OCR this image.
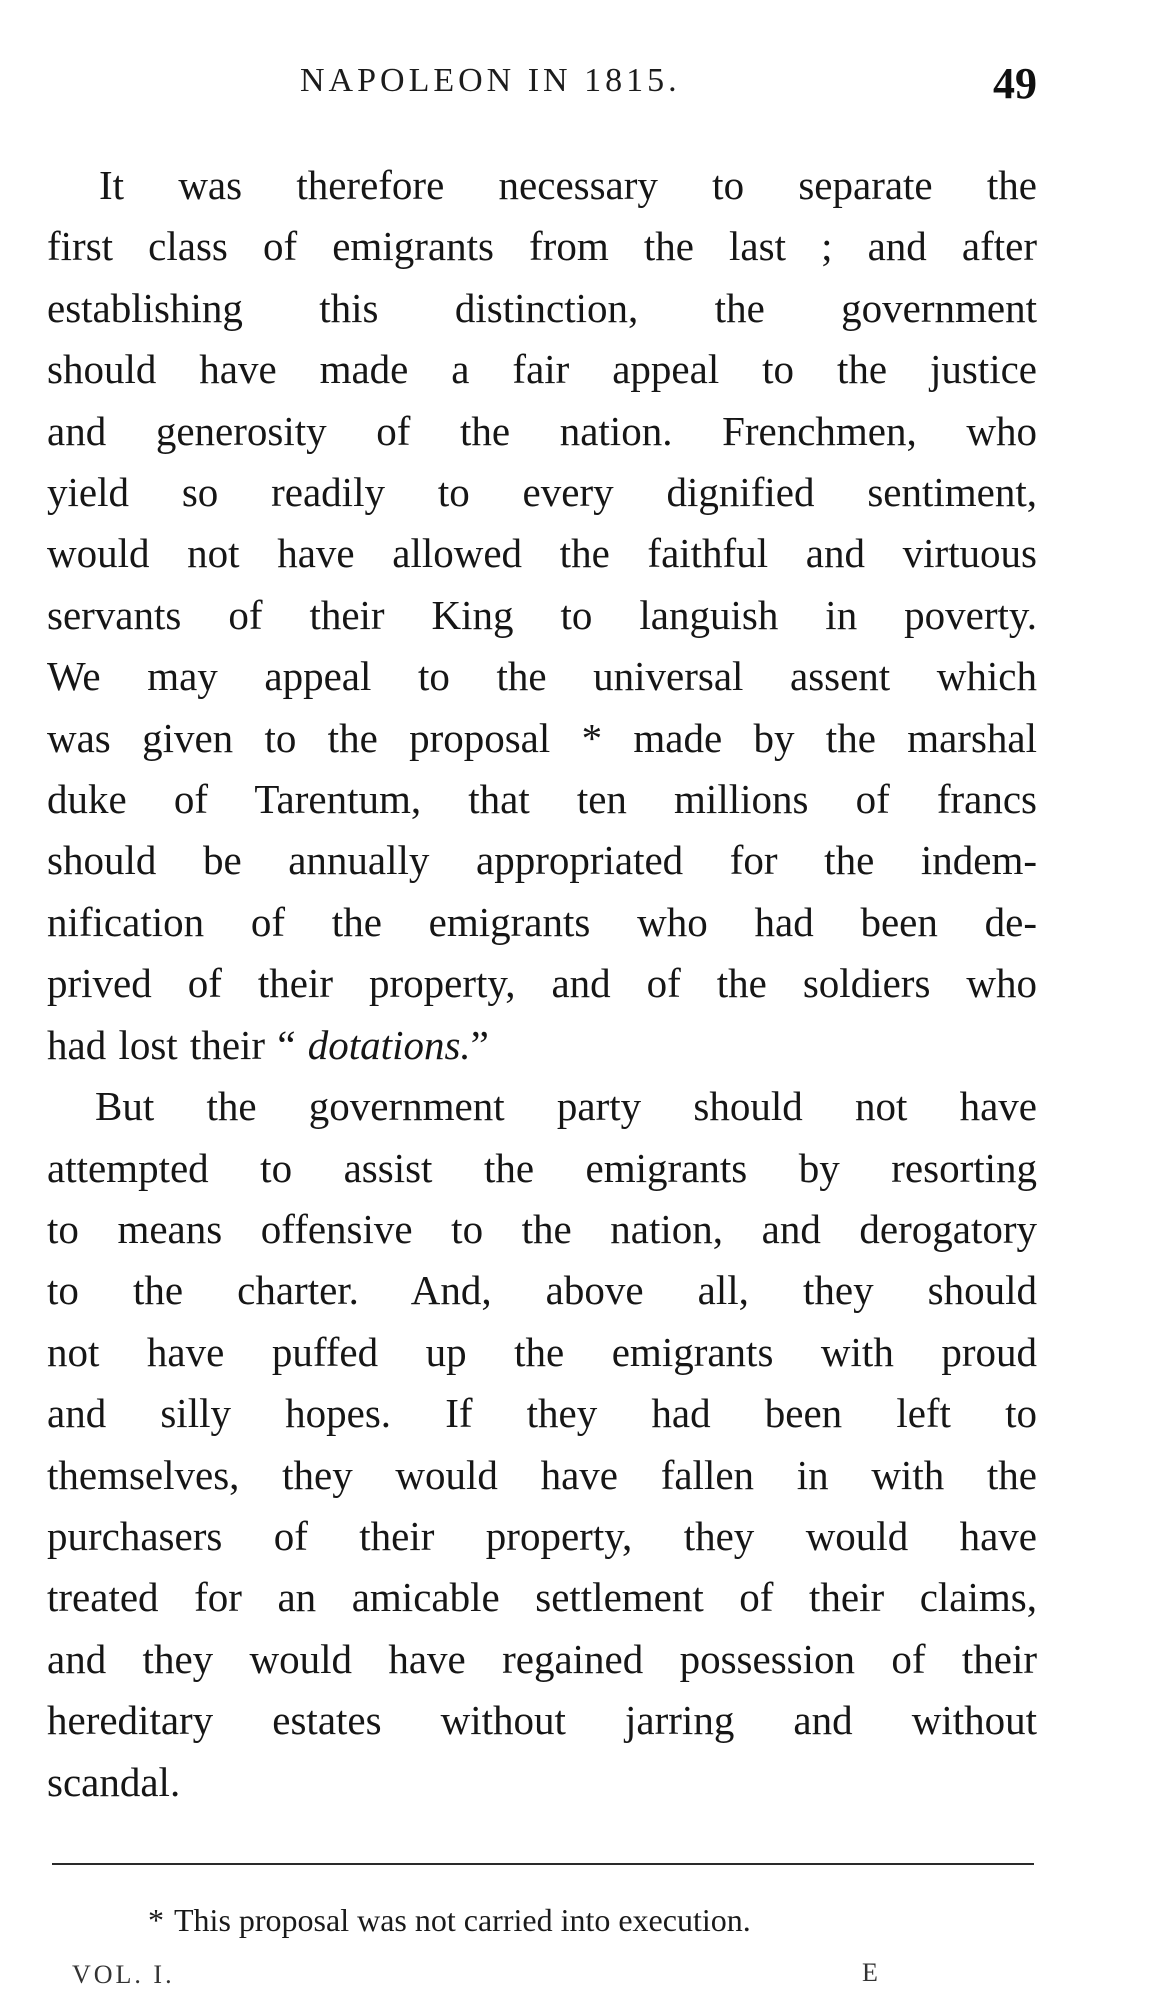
NAPOLEON IN 1815.	49

It was therefore necessary to separate the
first class of emigrants from the last ; and after
establishing this distinction, the government
should have made a fair appeal to the justice
and generosity of the nation. Frenchmen, who
yield so readily to every dignified sentiment,
would not have allowed the faithful and virtuous
servants of their King to languish in poverty.
We may appeal to the universal assent which
was given to the proposal * made by the marshal
duke of Tarentum, that ten millions of francs
should be annually appropriated for the indem-
nification of the emigrants who had been de-
prived of their property, and of the soldiers who
had lost their “ dotations.”

But the government party should not have
attempted to assist the emigrants by resorting
to means offensive to the nation, and derogatory
to the charter. And, above all, they should
not have puffed up the emigrants with proud
and silly hopes. If they had been left to
themselves, they would have fallen in with the
purchasers of their property, they would have
treated for an amicable settlement of their claims,
and they would have regained possession of their
hereditary estates without jarring and without
scandal.

* This proposal was not carried into execution.
VOL. I.	E
